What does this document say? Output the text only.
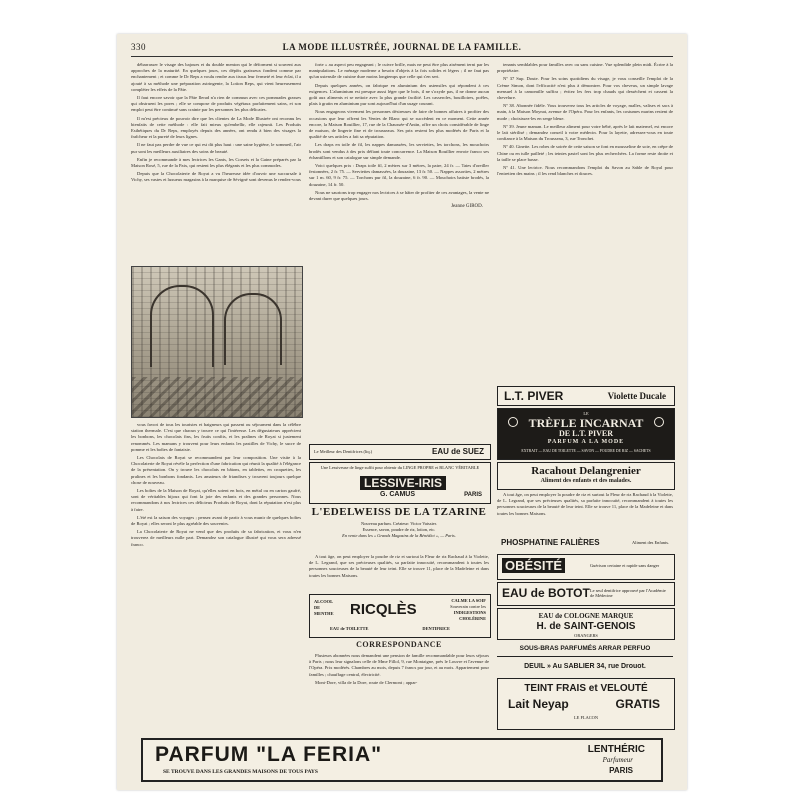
330	LA MODE ILLUSTRÉE, JOURNAL DE LA FAMILLE.

débarrasser le visage des bajoues et du double menton qui le déforment si souvent aux approches de la maturité. En quelques jours, ces dépôts graisseux fondent comme par enchantement ; et comme le Dr Reps a voulu rendre aux tissus leur fermeté et leur éclat, il a ajouté à sa méthode une préparation astringente, la Lotion Reps, qui vient heureusement compléter les effets de la Pâte.

Il faut encore savoir que la Pâte Ilerad n'a rien de commun avec ces pommades grasses qui obstruent les pores ; elle se compose de produits végétaux parfaitement sains, et son emploi peut être continué sans crainte par les personnes les plus délicates.

Il m'est précieux de pouvoir dire que les clientes de La Mode Illustrée ont reconnu les bienfaits de cette méthode : elle fait mieux qu'embellir, elle rajeunit. Les Produits Esthétiques du Dr Reps, employés depuis des années, ont rendu à bien des visages la fraîcheur et la pureté de leurs lignes.

Il ne faut pas perdre de vue ce qui est dit plus haut : une saine hygiène, le sommeil, l'air pur sont les meilleurs auxiliaires des soins de beauté.

Enfin je recommande à mes lectrices les Gants, les Corsets et la Gaine préparés par la Maison Rosé, 5, rue de la Paix, qui restent les plus élégants et les plus commodes.

Depuis que la Chocolaterie de Royat a vu l'heureuse idée d'ouvrir une succursale à Vichy, ses vastes et luxueux magasins à la marquise de Sévigné sont devenus le rendez-vous

vous favori de tous les touristes et baigneurs qui passent ou séjournent dans la célèbre station thermale. C'est que chacun y trouve ce qui l'intéresse. Les dégustateurs apprécient les bonbons, les chocolats fins, les fruits confits, et les pralines de Royat si justement renommés. Les mamans y trouvent pour leurs enfants les pastilles de Vichy, le sucre de pomme et les boîtes de fantaisie.

Les Chocolats de Royat se recommandent par leur composition. Une visite à la Chocolaterie de Royat révèle la perfection d'une fabrication qui réunit la qualité à l'élégance de la présentation. On y trouve les chocolats en bâtons, en tablettes, en croquettes, les pralines et les bonbons fondants. Les amateurs de friandises y trouvent toujours quelque chose de nouveau.

Les boîtes de la Maison de Royat, qu'elles soient en bois, en métal ou en carton gaufré, sont de véritables bijoux qui font la joie des enfants et des grandes personnes. Nous recommandons à nos lectrices ces délicieux Produits de Royat, dont la réputation n'est plus à faire.

L'été est la saison des voyages ; pensez avant de partir à vous munir de quelques boîtes de Royat ; elles seront le plus agréable des souvenirs.

La Chocolaterie de Royat ne vend que des produits de sa fabrication, et vous n'en trouverez de meilleurs nulle part. Demandez son catalogue illustré qui vous sera adressé franco.

forte » au aspect peu engageant ; le cuivre brille, mais ne peut être plus aisément terni par les manipulations. Le ménage moderne a besoin d'objets à la fois solides et légers ; il ne faut pas qu'un ustensile de cuisine dure moins longtemps que celle qui s'en sert.

Depuis quelques années, on fabrique en aluminium des ustensiles qui répondent à ces exigences. L'aluminium est presque aussi léger que le bois, il ne s'oxyde pas, il ne donne aucun goût aux aliments et se nettoie avec la plus grande facilité. Les casseroles, bouilloires, poêles, plats à gratin en aluminium pur sont aujourd'hui d'un usage courant.

Nous engageons vivement les personnes désireuses de faire de bonnes affaires à profiter des occasions que leur offrent les Ventes de Blanc qui se succèdent en ce moment. Cette année encore, la Maison Rouillier, 17, rue de la Chaussée-d'Antin, offre un choix considérable de linge de maison, de lingerie fine et de trousseaux. Ses prix restent les plus modérés de Paris et la qualité de ses articles a fait sa réputation.

Les draps en toile de fil, les nappes damassées, les serviettes, les torchons, les mouchoirs brodés sont vendus à des prix défiant toute concurrence. La Maison Rouillier envoie franco ses échantillons et son catalogue sur simple demande.

Voici quelques prix : Draps toile fil, 2 mètres sur 3 mètres, la paire, 24 fr. — Taies d'oreiller festonnées, 2 fr. 75. — Serviettes damassées, la douzaine, 13 fr. 50. — Nappes assorties, 2 mètres sur 1 m. 60, 9 fr. 75. — Torchons pur fil, la douzaine, 6 fr. 90. — Mouchoirs batiste brodés, la douzaine, 14 fr. 50.

Nous ne saurions trop engager nos lectrices à se hâter de profiter de ces avantages, la vente ne devant durer que quelques jours.

Jeanne GIROD.
Le Meilleur des Dentifrices (liq.)	EAU de SUEZ
Une Lessiveuse de linge suffit pour obtenir du LINGE PROPRE et BLANC VÉRITABLE
LESSIVE-IRIS
G. CAMUS	PARIS
L'EDELWEISS DE LA TZARINE
Nouveau parfum. Créateur: Victor Vaissier.
Essence, savon, poudre de riz, lotion, etc.
En vente dans les « Grands Magasins de la Bénédict », — Paris.

A tout âge, on peut employer la poudre de riz et surtout la Fleur de riz Rachaud à la Violette, de L. Legrand, que ses précieuses qualités, sa parfaite innocuité, recommandent à toutes les personnes soucieuses de la beauté de leur teint. Elle se trouve 11, place de la Madeleine et dans toutes les bonnes Maisons.

ALCOOL
DE
MENTHE RICQLÈS
CALME LA SOIF
Souverain contre les
INDIGESTIONS
CHOLÉRINE
EAU de TOILETTE	DENTIFRICE
CORRESPONDANCE

Plusieurs abonnées nous demandent une pension de famille recommandable pour leurs séjours à Paris ; nous leur signalons celle de Mme Fillol, 9, rue Montaigne, près le Louvre et l'avenue de l'Opéra. Prix modérés. Chambres au mois, depuis 7 francs par jour, et au mois. Appartement pour familles ; chauffage central, électricité.

Mont-Dore, villa de la Dore, route de Clermont ; appar-

tenants semblables pour familles avec ou sans cuisine. Vue splendide plein midi. Écrire à la propriétaire.

Nº 37 Sup. Doute. Pour les soins quotidiens du visage, je vous conseille l'emploi de la Crème Simon, dont l'efficacité n'est plus à démontrer. Pour vos cheveux, un simple lavage mensuel à la camomille suffira ; évitez les fers trop chauds qui dessèchent et cassent la chevelure.

Nº 38. Abonnée fidèle. Vous trouverez tous les articles de voyage, malles, valises et sacs à main, à la Maison Moynat, avenue de l'Opéra. Pour les enfants, les costumes marins restent de mode ; choisissez-les en serge bleue.

Nº 39. Jeune maman. Le meilleur aliment pour votre bébé, après le lait maternel, est encore le lait stérilisé ; demandez conseil à votre médecin. Pour la layette, adressez-vous en toute confiance à la Maison du Trousseau, 3, rue Tronchet.

Nº 40. Ginette. Les robes de soirée de cette saison se font en mousseline de soie, en crêpe de Chine ou en tulle pailleté ; les teintes pastel sont les plus recherchées. La forme reste droite et la taille se place basse.

Nº 41. Une lectrice. Nous recommandons l'emploi du Savon au Sable de Royal pour l'entretien des mains ; il les rend blanches et douces.

L.T. PIVER	Violette Ducale
LE
TRÈFLE INCARNAT
DE L.T. PIVER
PARFUM A LA MODE
EXTRAIT — EAU DE TOILETTE — SAVON — POUDRE DE RIZ — SACHETS
Racahout Delangrenier
Aliment des enfants et des malades.

A tout âge, on peut employer la poudre de riz et surtout la Fleur de riz Rachaud à la Violette, de L. Legrand, que ses précieuses qualités, sa parfaite innocuité, recommandent à toutes les personnes soucieuses de la beauté de leur teint. Elle se trouve 11, place de la Madeleine et dans toutes les bonnes Maisons.

PHOSPHATINE FALIÈRES	Aliment des Enfants.
OBÉSITÉ	Guérison certaine et rapide sans danger
EAU de BOTOT Le seul dentifrice approuvé par l'Académie de Médecine
EAU de COLOGNE MARQUE
H. de SAINT-GENOIS
ORANGERS
SOUS-BRAS PARFUMÉS ARRAR PERFUO
DEUIL » Au SABLIER 34, rue Drouot.
TEINT FRAIS et VELOUTÉ
Lait Neyap	GRATIS
LE FLACON
PARFUM "LA FERIA"
SE TROUVE DANS LES GRANDES MAISONS DE TOUS PAYS
LENTHÉRIC
Parfumeur
PARIS
